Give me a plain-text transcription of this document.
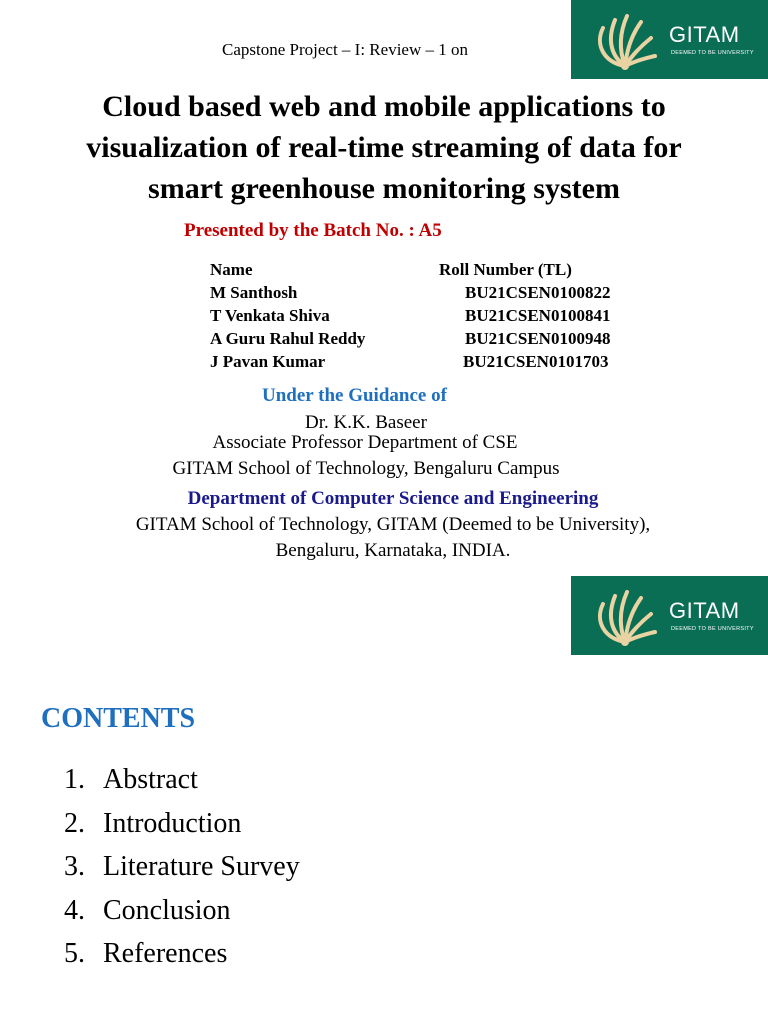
GITAM
DEEMED TO BE UNIVERSITY
Capstone Project – I: Review – 1 on
Cloud based web and mobile applications to
visualization of real-time streaming of data for
smart greenhouse monitoring system
Presented by the Batch No. : A5
Name	Roll Number (TL)
M Santhosh	BU21CSEN0100822
T Venkata Shiva	BU21CSEN0100841
A Guru Rahul Reddy	BU21CSEN0100948
J Pavan Kumar	BU21CSEN0101703
Under the Guidance of
Dr. K.K. Baseer
Associate Professor Department of CSE
GITAM School of Technology, Bengaluru Campus
Department of Computer Science and Engineering
GITAM School of Technology, GITAM (Deemed to be University),
Bengaluru, Karnataka, INDIA.
GITAM
DEEMED TO BE UNIVERSITY
CONTENTS
1. Abstract
2. Introduction
3. Literature Survey
4. Conclusion
5. References
